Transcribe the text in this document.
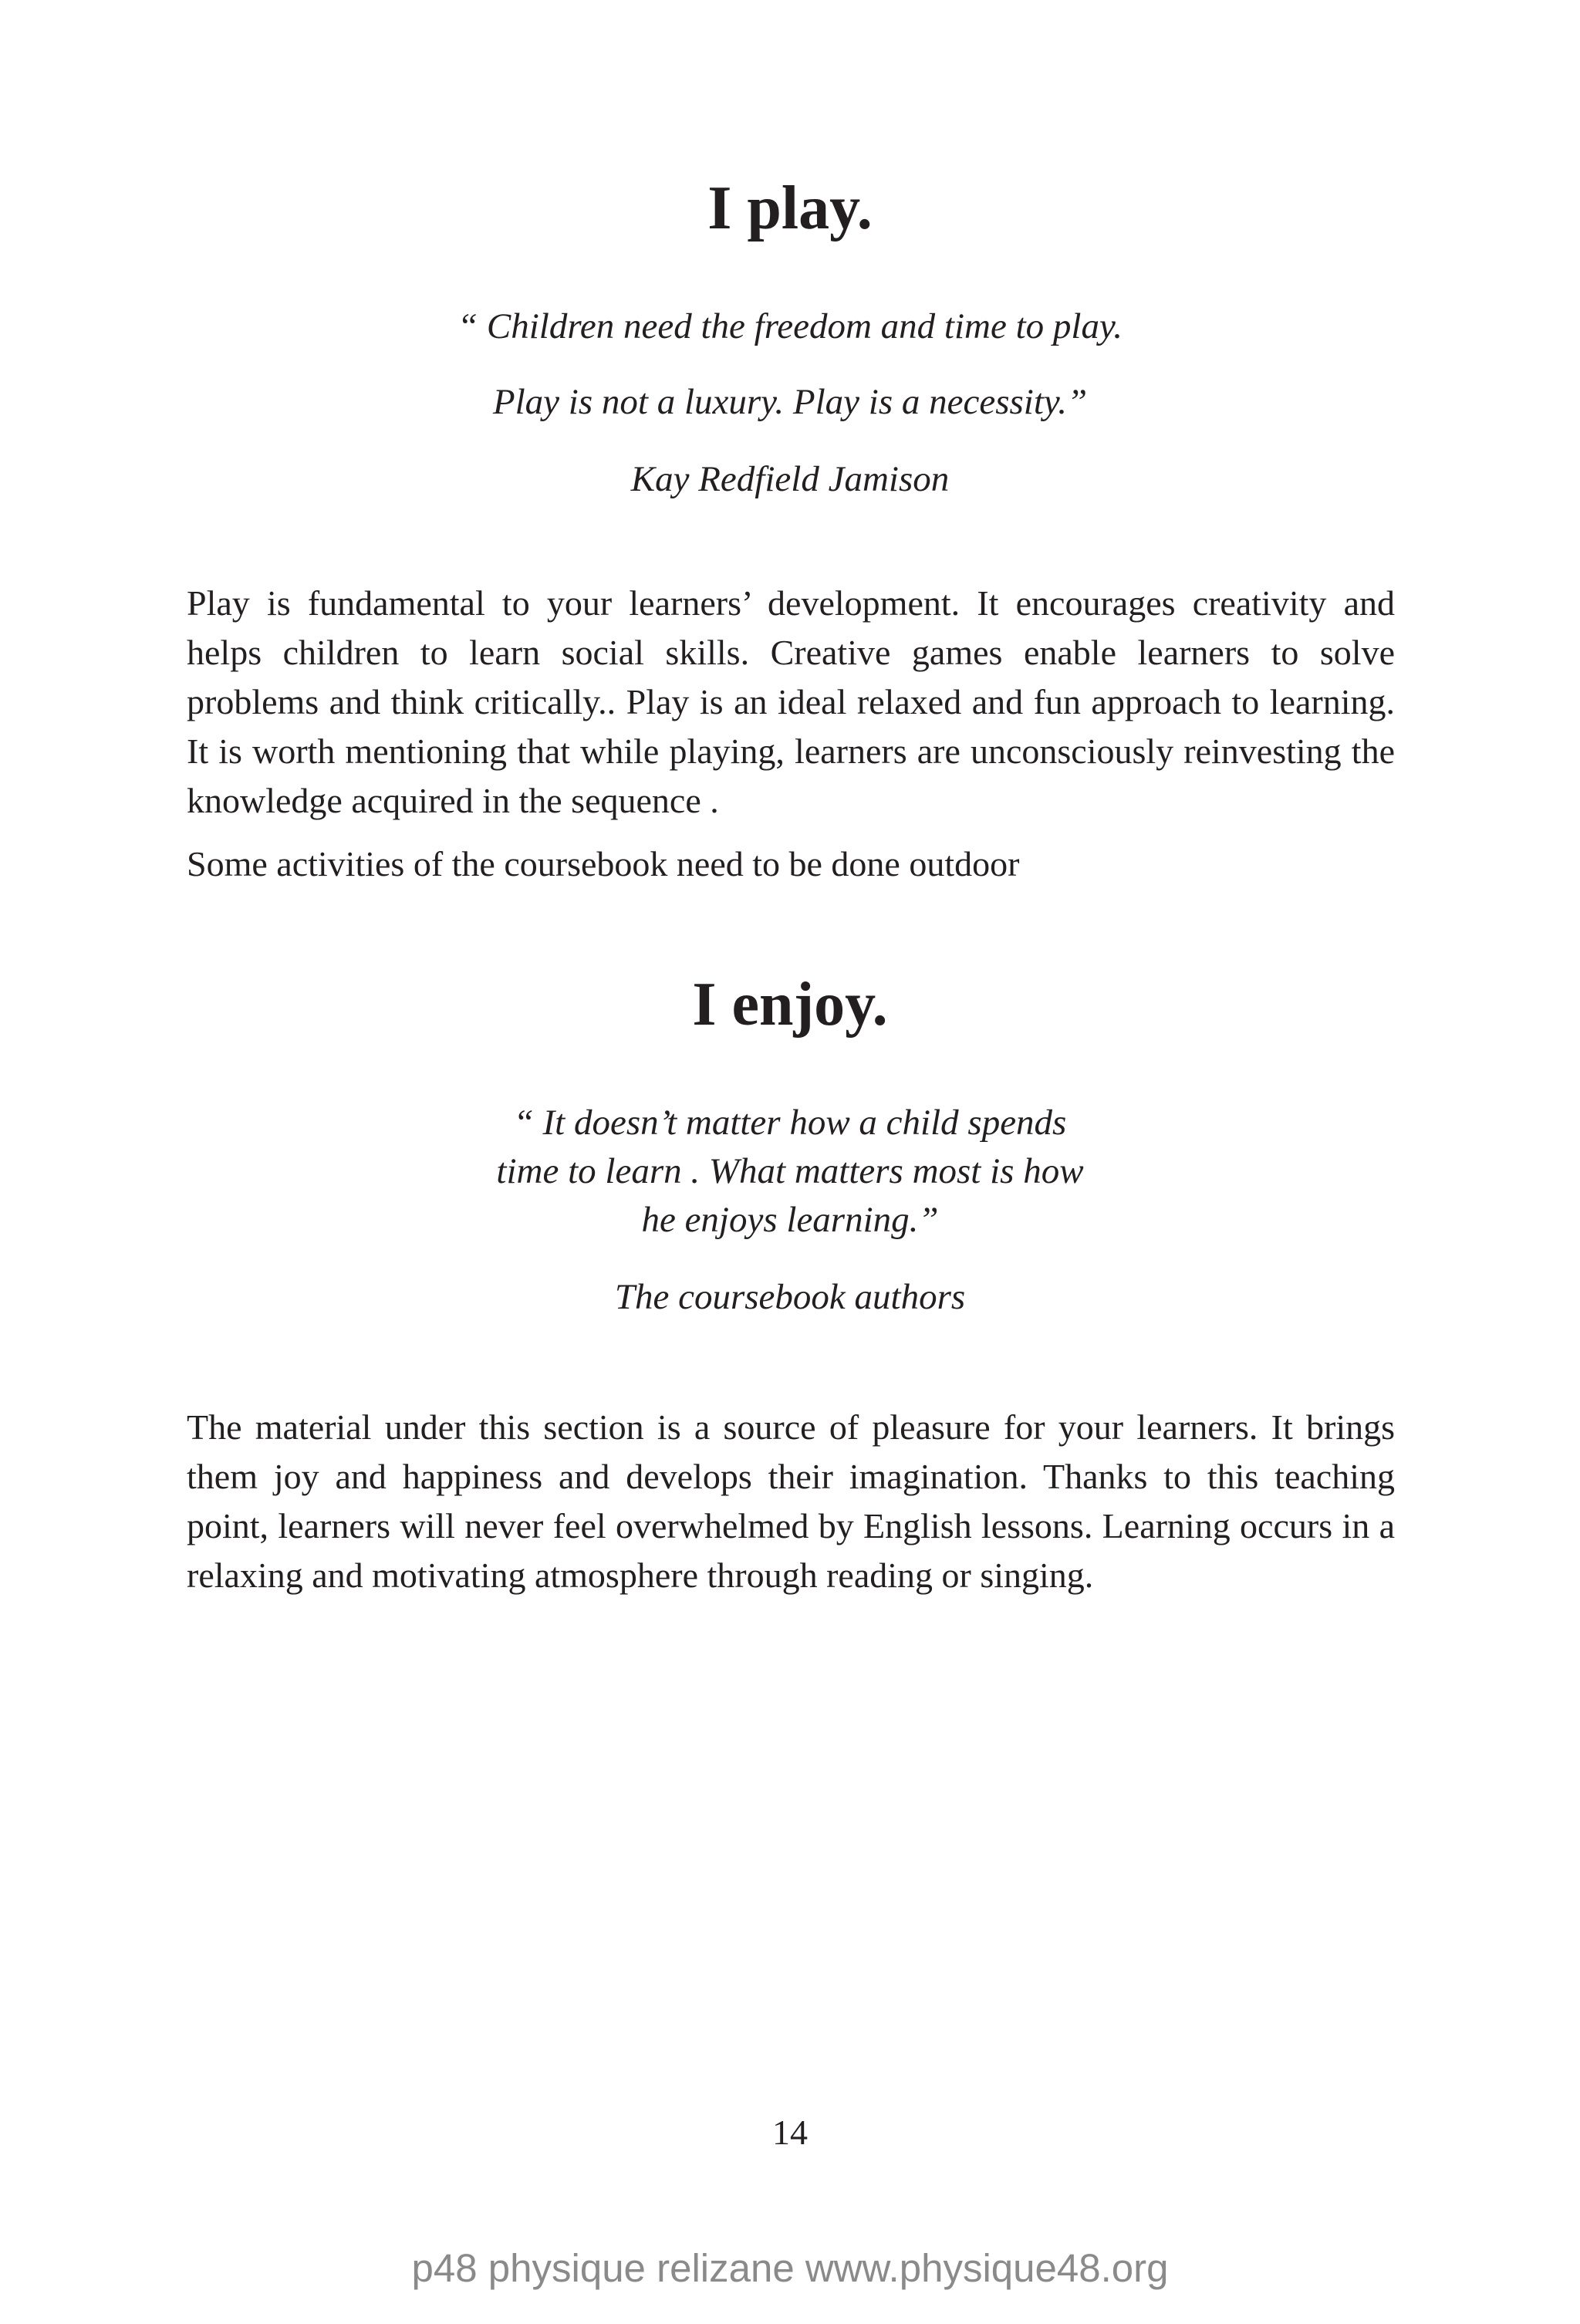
I play.

“ Children need the freedom and time to play.

Play is not a luxury. Play is a necessity.”

Kay Redfield Jamison

Play is fundamental to your learners’ development. It encourages creativity and helps children to learn social skills. Creative games enable learners to solve problems and think critically.. Play is an ideal relaxed and fun approach to learning. It is worth mentioning that while playing, learners are unconsciously reinvesting the knowledge acquired in the sequence .

Some activities of the coursebook need to be done outdoor

I enjoy.

“ It doesn’t matter how a child spends

time to learn . What matters most is how

he enjoys learning.”

The coursebook authors

The material under this section is a source of pleasure for your learners. It brings them joy and happiness and develops their imagination. Thanks to this teaching point, learners will never feel overwhelmed by English lessons. Learning occurs in a relaxing and motivating atmosphere through reading or singing.

14
p48 physique relizane www.physique48.org
